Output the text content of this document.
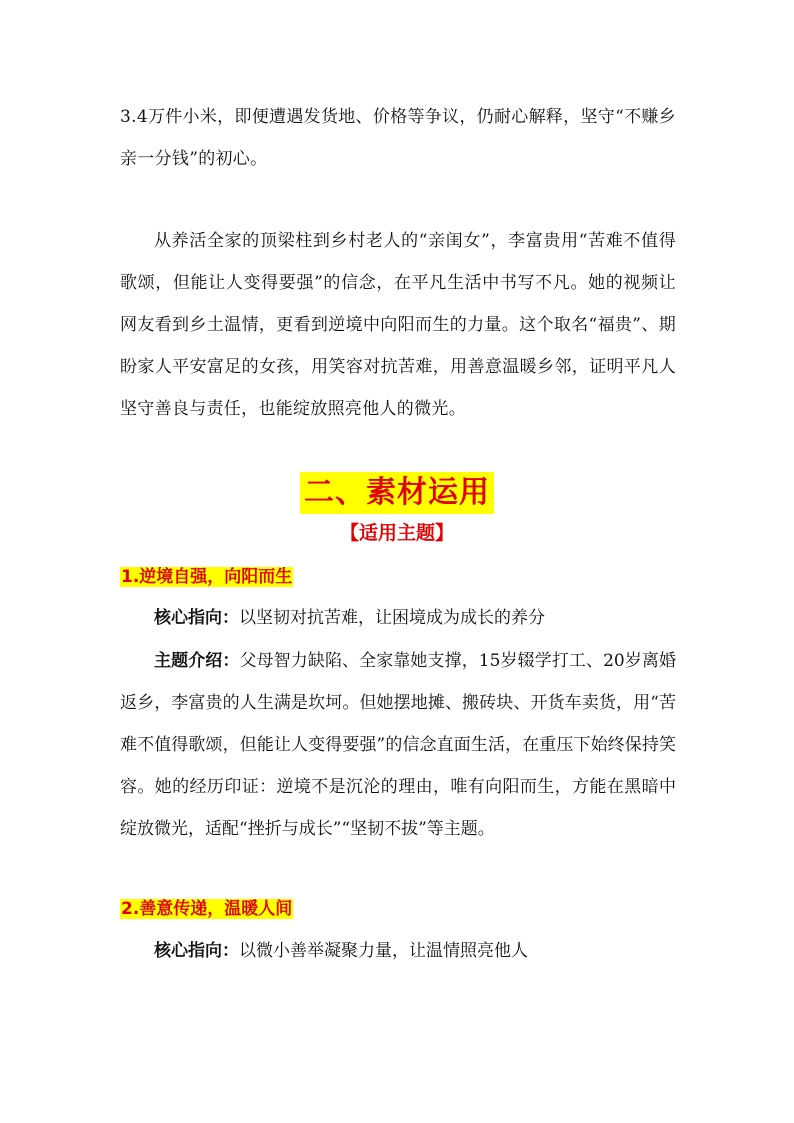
3.4万件小米，即便遭遇发货地、价格等争议，仍耐心解释，坚守“不赚乡亲一分钱”的初心。

从养活全家的顶梁柱到乡村老人的“亲闺女”，李富贵用“苦难不值得歌颂，但能让人变得要强”的信念，在平凡生活中书写不凡。她的视频让网友看到乡土温情，更看到逆境中向阳而生的力量。这个取名“福贵”、期盼家人平安富足的女孩，用笑容对抗苦难，用善意温暖乡邻，证明平凡人坚守善良与责任，也能绽放照亮他人的微光。

二、素材运用
【适用主题】
1.逆境自强，向阳而生

核心指向：以坚韧对抗苦难，让困境成为成长的养分

主题介绍：父母智力缺陷、全家靠她支撑，15岁辍学打工、20岁离婚返乡，李富贵的人生满是坎坷。但她摆地摊、搬砖块、开货车卖货，用“苦难不值得歌颂，但能让人变得要强”的信念直面生活，在重压下始终保持笑容。她的经历印证：逆境不是沉沦的理由，唯有向阳而生，方能在黑暗中绽放微光，适配“挫折与成长”“坚韧不拔”等主题。

2.善意传递，温暖人间

核心指向：以微小善举凝聚力量，让温情照亮他人
